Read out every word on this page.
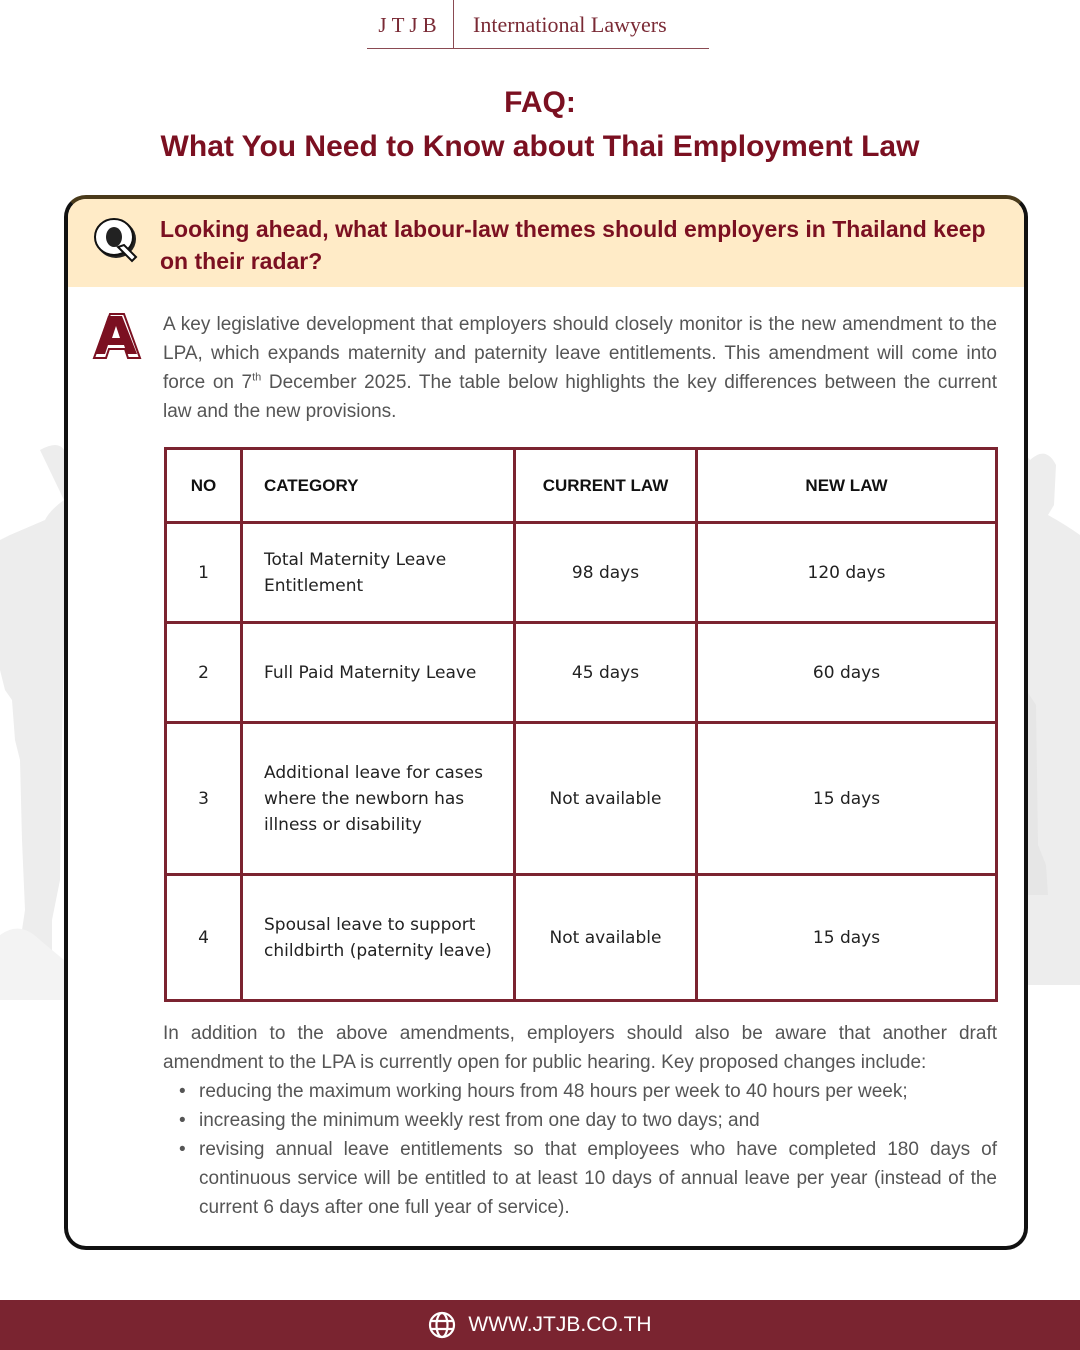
JTJB	International Lawyers
FAQ:
What You Need to Know about Thai Employment Law
Looking ahead, what labour-law themes should employers in Thailand keep on their radar?
A key legislative development that employers should closely monitor is the new amendment to the LPA, which expands maternity and paternity leave entitlements. This amendment will come into force on 7th December 2025. The table below highlights the key differences between the current law and the new provisions.
NO	CATEGORY	CURRENT LAW	NEW LAW
1	Total Maternity Leave Entitlement	98 days	120 days
2	Full Paid Maternity Leave	45 days	60 days
3	Additional leave for cases where the newborn has illness or disability	Not available	15 days
4	Spousal leave to support childbirth (paternity leave)	Not available	15 days

In addition to the above amendments, employers should also be aware that another draft amendment to the LPA is currently open for public hearing. Key proposed changes include:

• reducing the maximum working hours from 48 hours per week to 40 hours per week;
• increasing the minimum weekly rest from one day to two days; and
• revising annual leave entitlements so that employees who have completed 180 days of continuous service will be entitled to at least 10 days of annual leave per year (instead of the current 6 days after one full year of service).
WWW.JTJB.CO.TH
